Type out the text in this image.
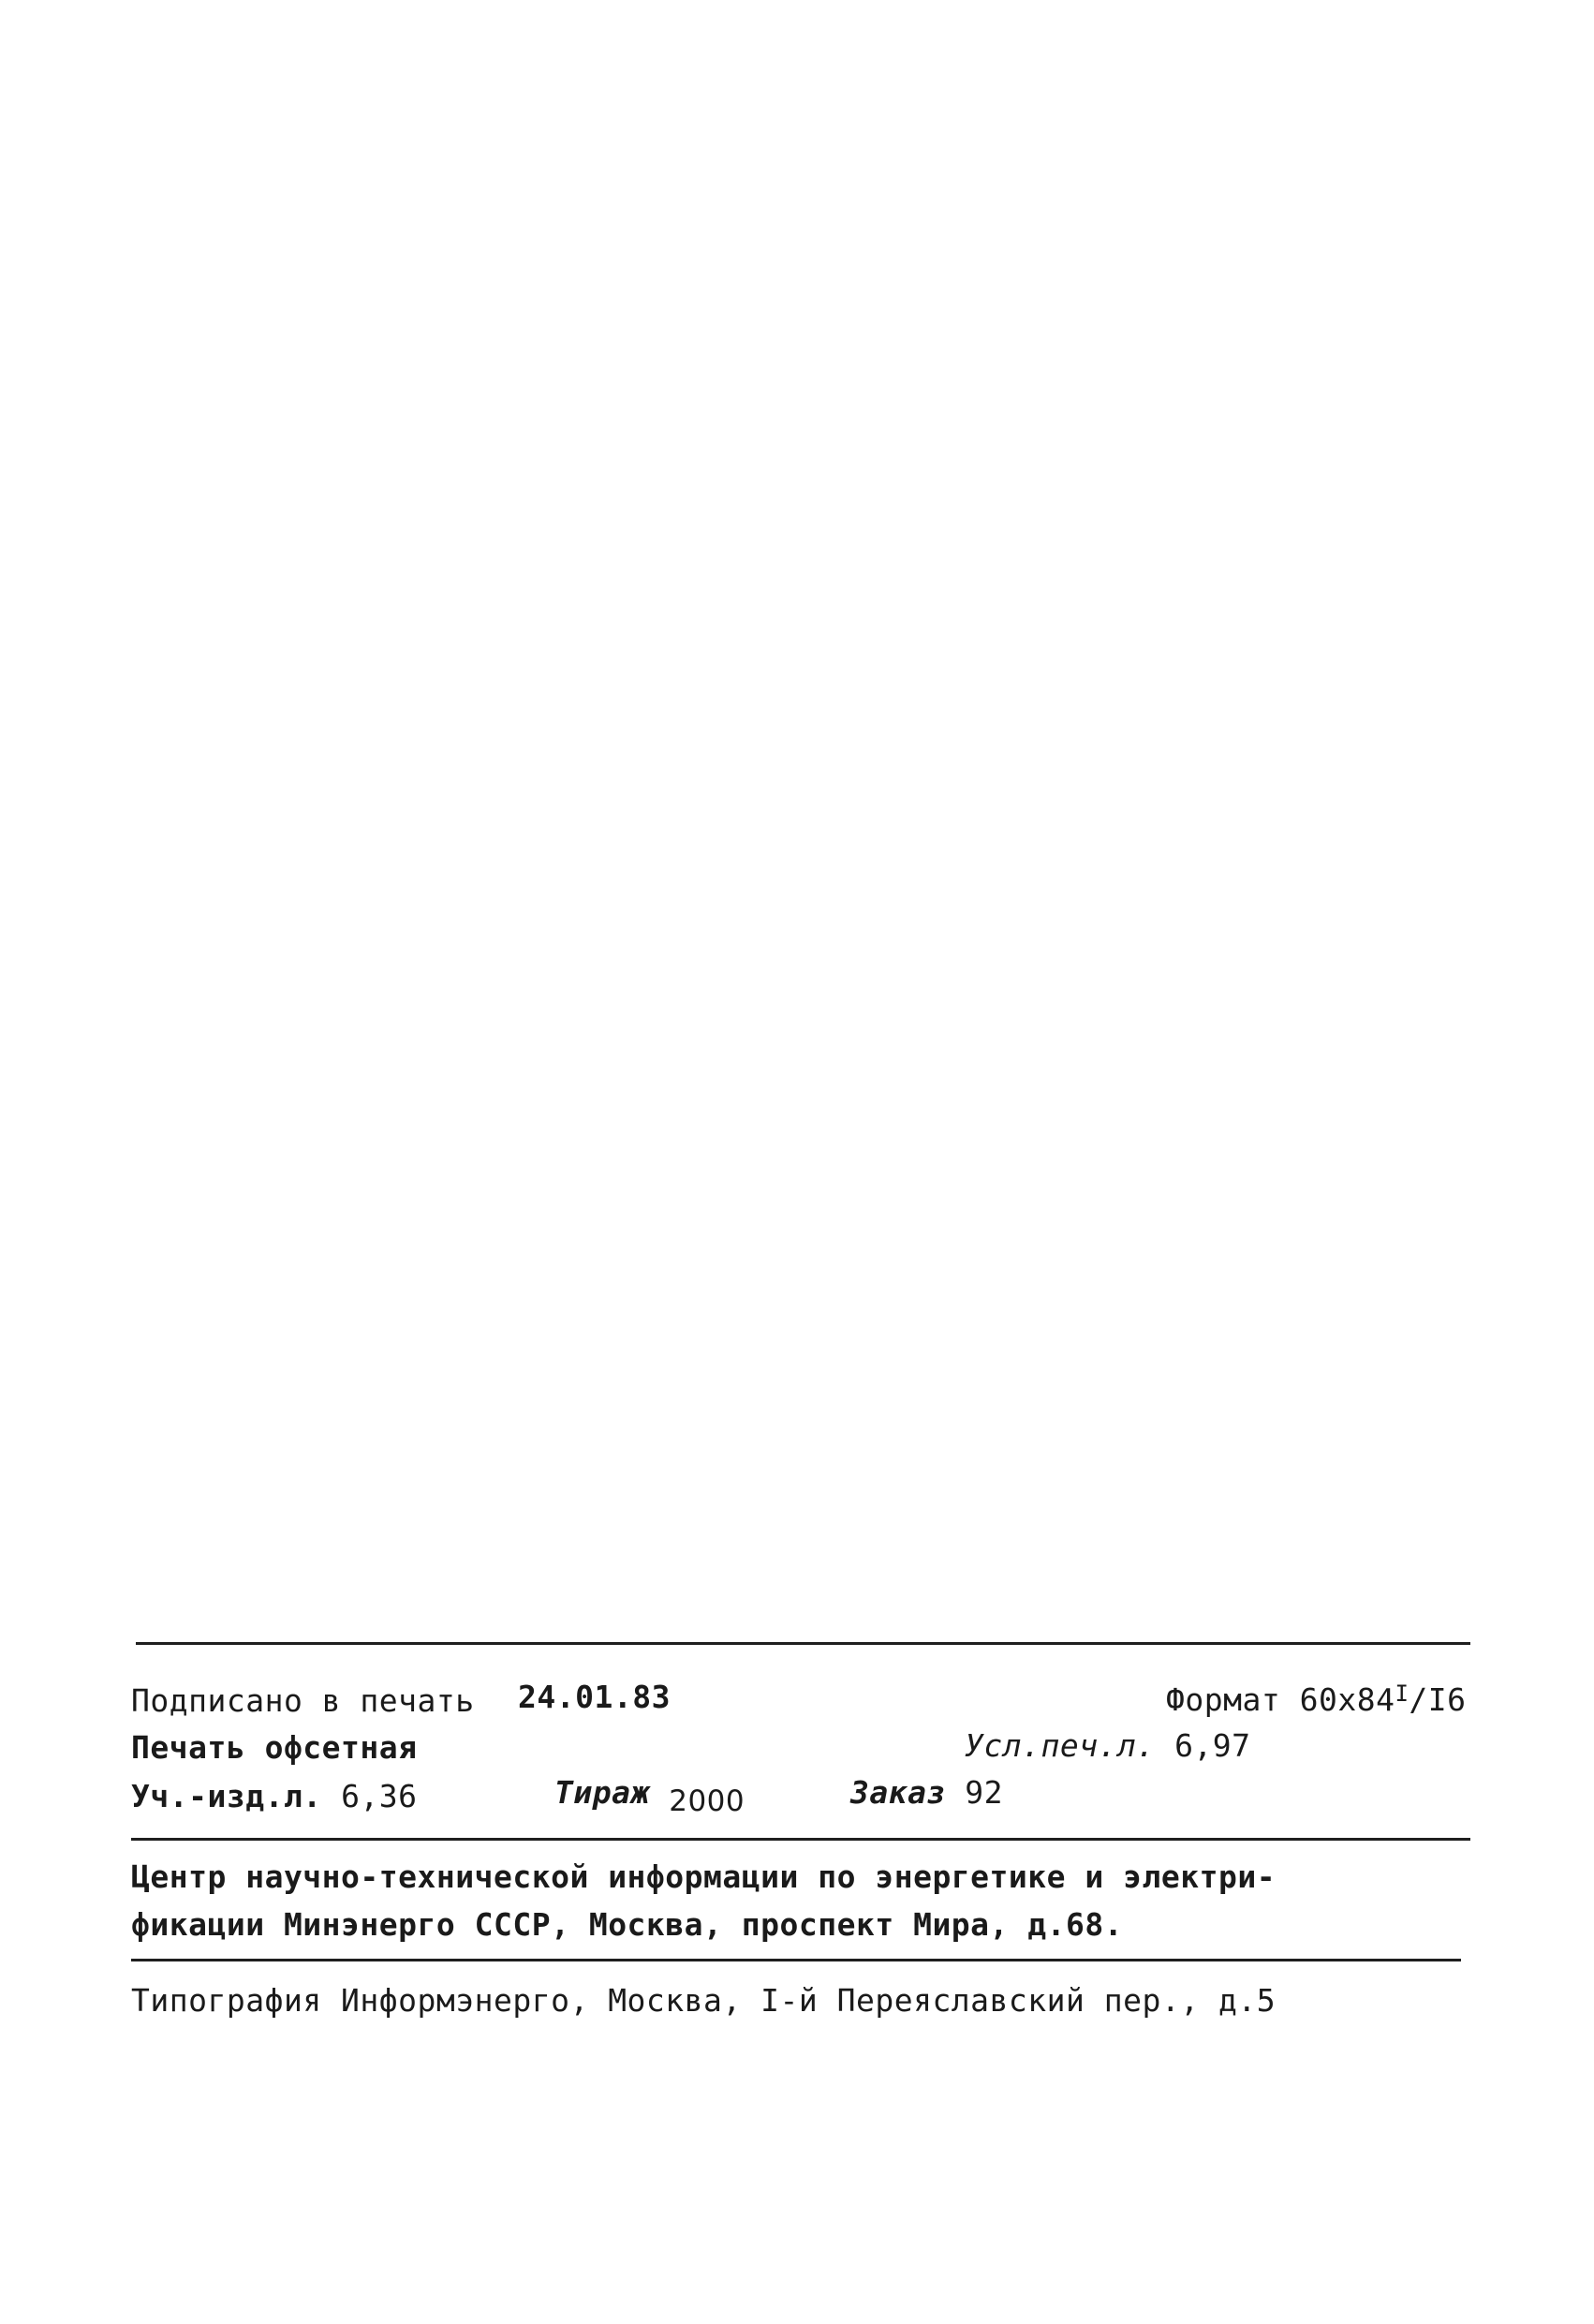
Подписано в печать 24.01.83	Формат $60х84^I/I6$
Печать офсетная	Усл.печ.л. 6,97
Уч.-изд.л. 6,36	Тираж 2000	Заказ 92
Центр научно-технической информации по энергетике и электри-
фикации Минэнерго СССР, Москва, проспект Мира, д.68.
Типография Информэнерго, Москва, I-й Переяславский пер., д.5
